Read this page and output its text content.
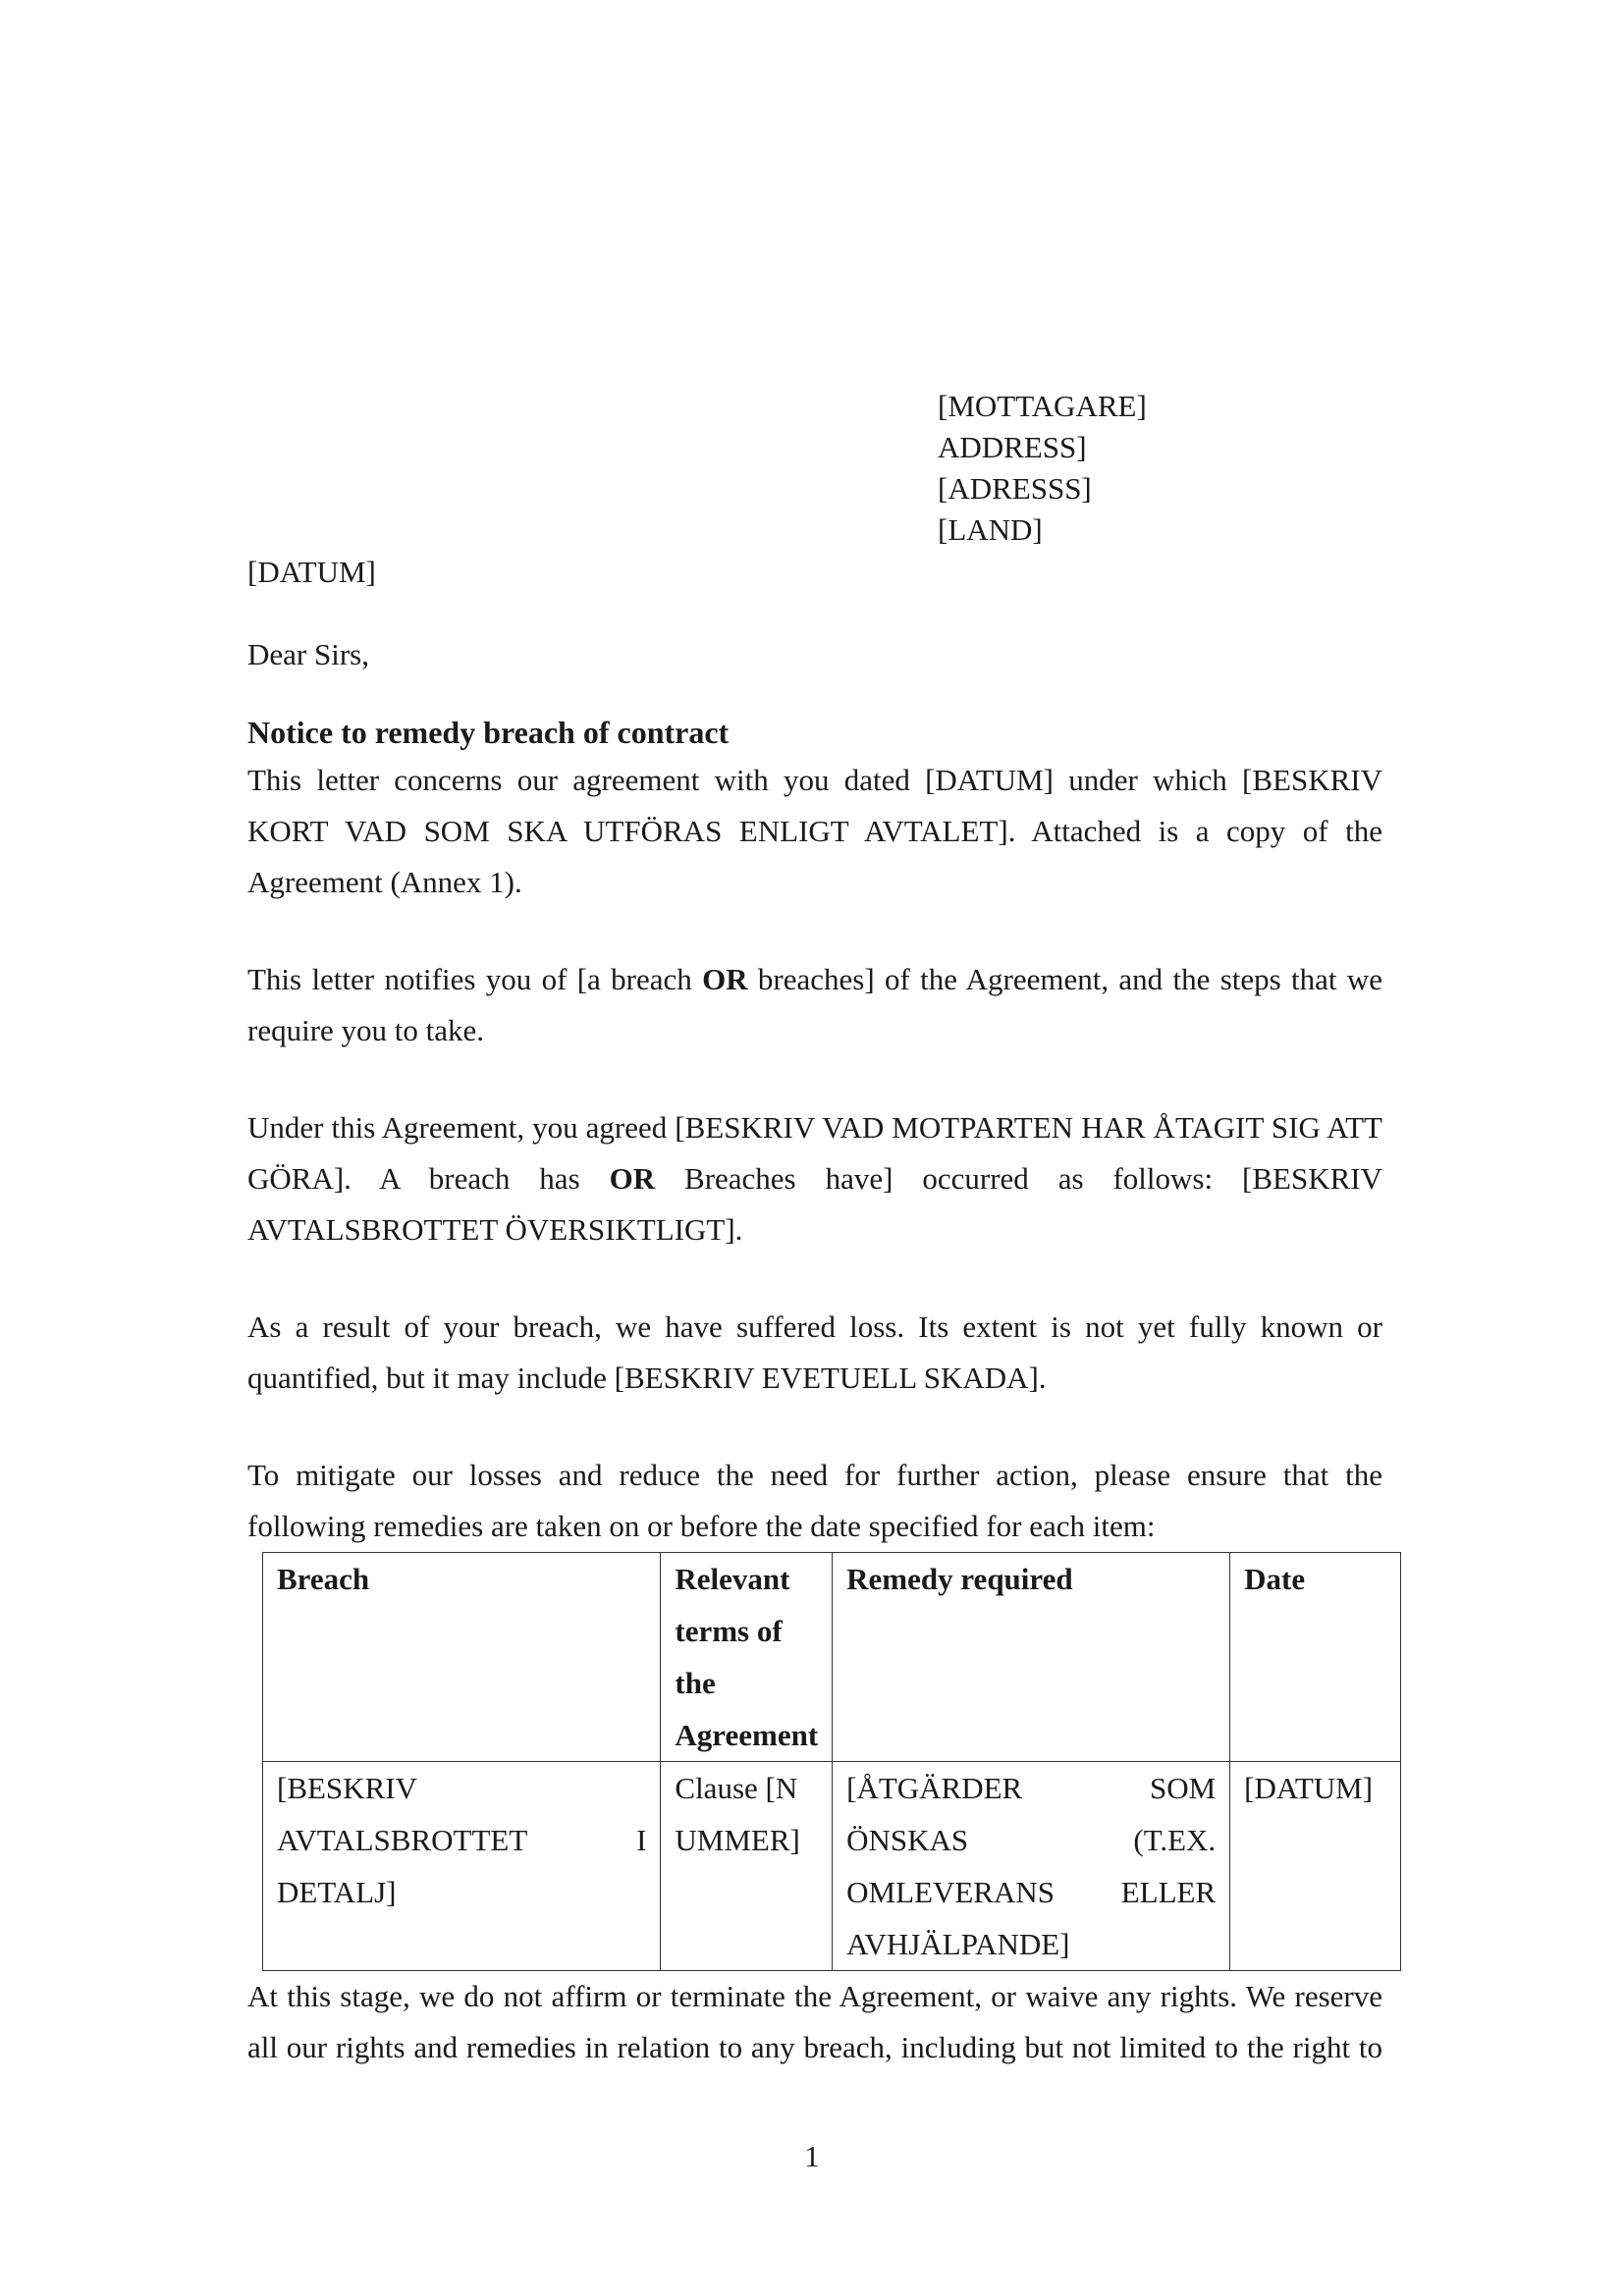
[MOTTAGARE]
ADDRESS]
[ADRESSS]
[LAND]
[DATUM]
Dear Sirs,
Notice to remedy breach of contract

This letter concerns our agreement with you dated [DATUM] under which [BESKRIV KORT VAD SOM SKA UTFÖRAS ENLIGT AVTALET]. Attached is a copy of the Agreement (Annex 1).

This letter notifies you of [a breach OR breaches] of the Agreement, and the steps that we require you to take.

Under this Agreement, you agreed [BESKRIV VAD MOTPARTEN HAR ÅTAGIT SIG ATT GÖRA]. A breach has OR Breaches have] occurred as follows: [BESKRIV AVTALSBROTTET ÖVERSIKTLIGT].

As a result of your breach, we have suffered loss. Its extent is not yet fully known or quantified, but it may include [BESKRIV EVETUELL SKADA].

To mitigate our losses and reduce the need for further action, please ensure that the following remedies are taken on or before the date specified for each item:

Breach	Relevant terms of the Agreement	Remedy required	Date
[BESKRIV AVTALSBROTTET I DETALJ]	Clause [NUMMER]	[ÅTGÄRDER SOM ÖNSKAS (T.EX. OMLEVERANS ELLER AVHJÄLPANDE]	[DATUM]

At this stage, we do not affirm or terminate the Agreement, or waive any rights. We reserve all our rights and remedies in relation to any breach, including but not limited to the right to

1
